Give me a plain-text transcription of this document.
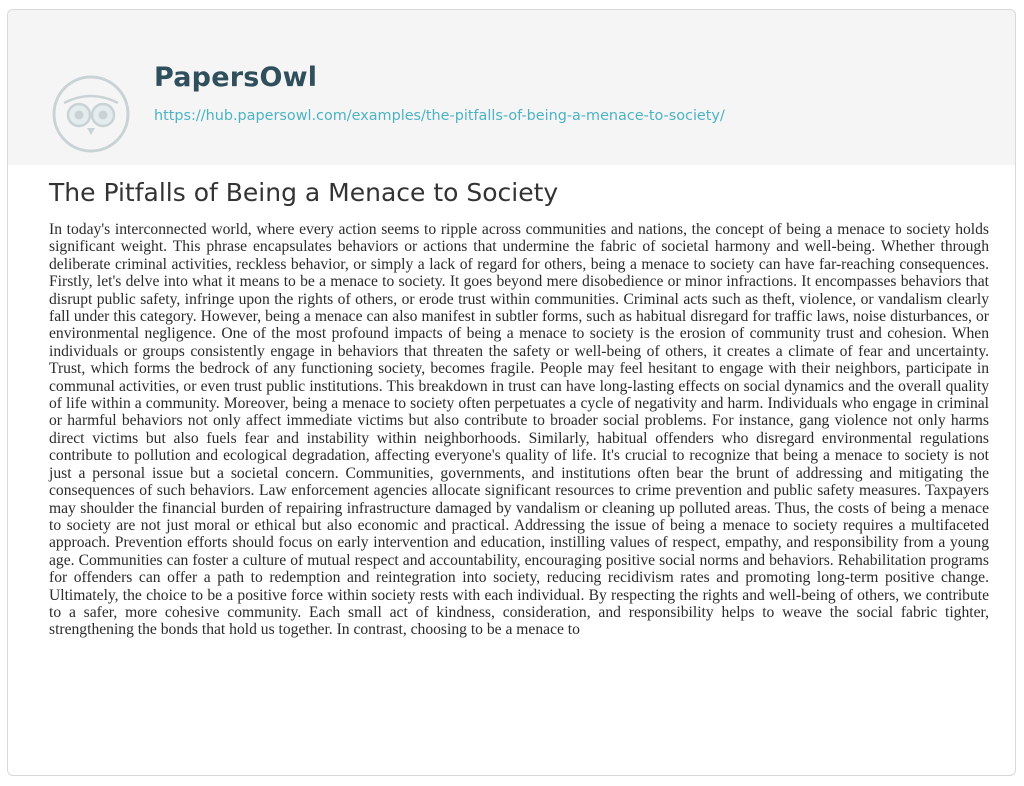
PapersOwl
https://hub.papersowl.com/examples/the-pitfalls-of-being-a-menace-to-society/
The Pitfalls of Being a Menace to Society

In today's interconnected world, where every action seems to ripple across communities and nations, the concept of being a menace to society holds significant weight. This phrase encapsulates behaviors or actions that undermine the fabric of societal harmony and well-being. Whether through deliberate criminal activities, reckless behavior, or simply a lack of regard for others, being a menace to society can have far-reaching consequences. Firstly, let's delve into what it means to be a menace to society. It goes beyond mere disobedience or minor infractions. It encompasses behaviors that disrupt public safety, infringe upon the rights of others, or erode trust within communities. Criminal acts such as theft, violence, or vandalism clearly fall under this category. However, being a menace can also manifest in subtler forms, such as habitual disregard for traffic laws, noise disturbances, or environmental negligence. One of the most profound impacts of being a menace to society is the erosion of community trust and cohesion. When individuals or groups consistently engage in behaviors that threaten the safety or well-being of others, it creates a climate of fear and uncertainty. Trust, which forms the bedrock of any functioning society, becomes fragile. People may feel hesitant to engage with their neighbors, participate in communal activities, or even trust public institutions. This breakdown in trust can have long-lasting effects on social dynamics and the overall quality of life within a community. Moreover, being a menace to society often perpetuates a cycle of negativity and harm. Individuals who engage in criminal or harmful behaviors not only affect immediate victims but also contribute to broader social problems. For instance, gang violence not only harms direct victims but also fuels fear and instability within neighborhoods. Similarly, habitual offenders who disregard environmental regulations contribute to pollution and ecological degradation, affecting everyone's quality of life. It's crucial to recognize that being a menace to society is not just a personal issue but a societal concern. Communities, governments, and institutions often bear the brunt of addressing and mitigating the consequences of such behaviors. Law enforcement agencies allocate significant resources to crime prevention and public safety measures. Taxpayers may shoulder the financial burden of repairing infrastructure damaged by vandalism or cleaning up polluted areas. Thus, the costs of being a menace to society are not just moral or ethical but also economic and practical. Addressing the issue of being a menace to society requires a multifaceted approach. Prevention efforts should focus on early intervention and education, instilling values of respect, empathy, and responsibility from a young age. Communities can foster a culture of mutual respect and accountability, encouraging positive social norms and behaviors. Rehabilitation programs for offenders can offer a path to redemption and reintegration into society, reducing recidivism rates and promoting long-term positive change. Ultimately, the choice to be a positive force within society rests with each individual. By respecting the rights and well-being of others, we contribute to a safer, more cohesive community. Each small act of kindness, consideration, and responsibility helps to weave the social fabric tighter, strengthening the bonds that hold us together. In contrast, choosing to be a menace to
